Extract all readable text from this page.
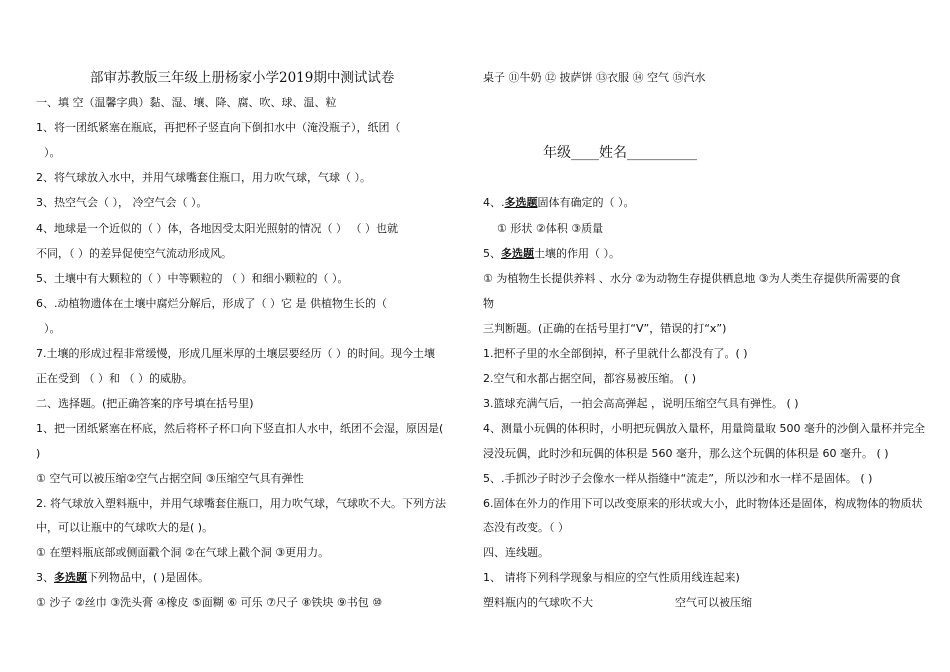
部审苏教版三年级上册杨家小学2019期中测试试卷
一、填 空（温馨字典）黏、湿、壤、降、腐、吹、球、温、粒
1、将一团纸紧塞在瓶底，再把杯子竖直向下倒扣水中（淹没瓶子），纸团（
）。
2、将气球放入水中，并用气球嘴套住瓶口，用力吹气球，气球（ ）。
3、热空气会（ ）， 冷空气会（ ）。
4、地球是一个近似的（ ）体，各地因受太阳光照射的情况（ ） （ ）也就
不同，（ ）的差异促使空气流动形成风。
5、土壤中有大颗粒的（ ）中等颗粒的 （ ）和细小颗粒的（ ）。
6、.动植物遗体在土壤中腐烂分解后，形成了（ ）它 是 供植物生长的（
）。
7.土壤的形成过程非常缓慢，形成几厘米厚的土壤层要经历（ ）的时间。现今土壤
正在受到 （ ）和 （ ）的威胁。
二、选择题。(把正确答案的序号填在括号里)
1、把一团纸紧塞在杯底，然后将杯子杯口向下竖直扣人水中，纸团不会湿，原因是(
)
① 空气可以被压缩②空气占据空间 ③压缩空气具有弹性
2. 将气球放入塑料瓶中，并用气球嘴套住瓶口，用力吹气球，气球吹不大。下列方法
中，可以让瓶中的气球吹大的是( )。
① 在塑料瓶底部或侧面戳个洞 ②在气球上戳个洞 ③更用力。
3、多选题下列物品中，( )是固体。
① 沙子 ②丝巾 ③洗头膏 ④橡皮 ⑤面糊 ⑥ 可乐 ⑦尺子 ⑧铁块 ⑨书包 ⑩
桌子 ⑪牛奶 ⑫ 披萨饼 ⑬衣服 ⑭ 空气 ⑮汽水
年级____姓名__________
4、.多选题固体有确定的（ ）。
① 形状 ②体积 ③质量
5、多选题土壤的作用（ ）。
① 为植物生长提供养料 、水分 ②为动物生存提供栖息地 ③为人类生存提供所需要的食
物
三判断题。(正确的在括号里打“V”，错误的打“x”)
1.把杯子里的水全部倒掉，杯子里就什么都没有了。( )
2.空气和水都占据空间，都容易被压缩。 ( )
3.篮球充满气后，一拍会高高弹起 ，说明压缩空气具有弹性。 ( )
4、测量小玩偶的体积时，小明把玩偶放入量杯，用量筒量取 500 毫升的沙倒入量杯并完全
浸没玩偶，此时沙和玩偶的体积是 560 毫升，那么这个玩偶的体积是 60 毫升。 ( )
5、.手抓沙子时沙子会像水一样从指缝中“流走”，所以沙和水一样不是固体。 ( )
6.固体在外力的作用下可以改变原来的形状或大小，此时物体还是固体，构成物体的物质状
态没有改变。（ ）
四、连线题。
1、 请将下列科学现象与相应的空气性质用线连起来)
塑料瓶内的气球吹不大	空气可以被压缩
